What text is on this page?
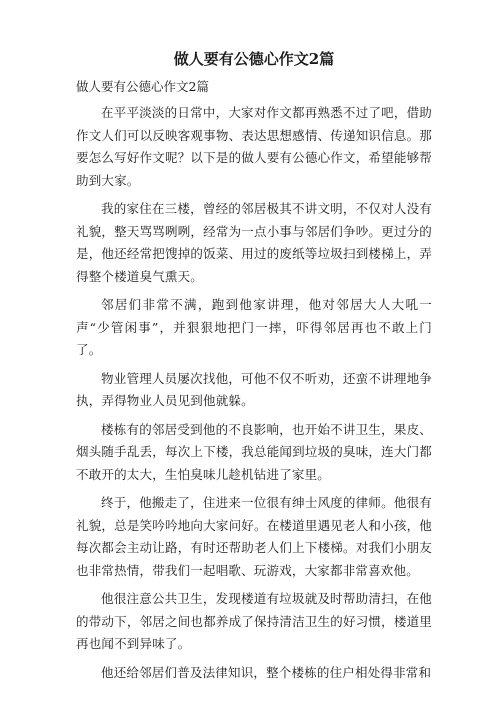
做人要有公德心作文2篇
做人要有公德心作文2篇
在平平淡淡的日常中，大家对作文都再熟悉不过了吧，借助作文人们可以反映客观事物、表达思想感情、传递知识信息。那要怎么写好作文呢？以下是的做人要有公德心作文，希望能够帮助到大家。
我的家住在三楼，曾经的邻居极其不讲文明，不仅对人没有礼貌，整天骂骂咧咧，经常为一点小事与邻居们争吵。更过分的是，他还经常把馊掉的饭菜、用过的废纸等垃圾扫到楼梯上，弄得整个楼道臭气熏天。
邻居们非常不满，跑到他家讲理，他对邻居大人大吼一声“少管闲事”，并狠狠地把门一摔，吓得邻居再也不敢上门了。
物业管理人员屡次找他，可他不仅不听劝，还蛮不讲理地争执，弄得物业人员见到他就躲。
楼栋有的邻居受到他的不良影响，也开始不讲卫生，果皮、烟头随手乱丢，每次上下楼，我总能闻到垃圾的臭味，连大门都不敢开的太大，生怕臭味儿趁机钻进了家里。
终于，他搬走了，住进来一位很有绅士风度的律师。他很有礼貌，总是笑吟吟地向大家问好。在楼道里遇见老人和小孩，他每次都会主动让路，有时还帮助老人们上下楼梯。对我们小朋友也非常热情，带我们一起唱歌、玩游戏，大家都非常喜欢他。
他很注意公共卫生，发现楼道有垃圾就及时帮助清扫，在他的带动下，邻居之间也都养成了保持清洁卫生的好习惯，楼道里再也闻不到异味了。
他还给邻居们普及法律知识，整个楼栋的住户相处得非常和
